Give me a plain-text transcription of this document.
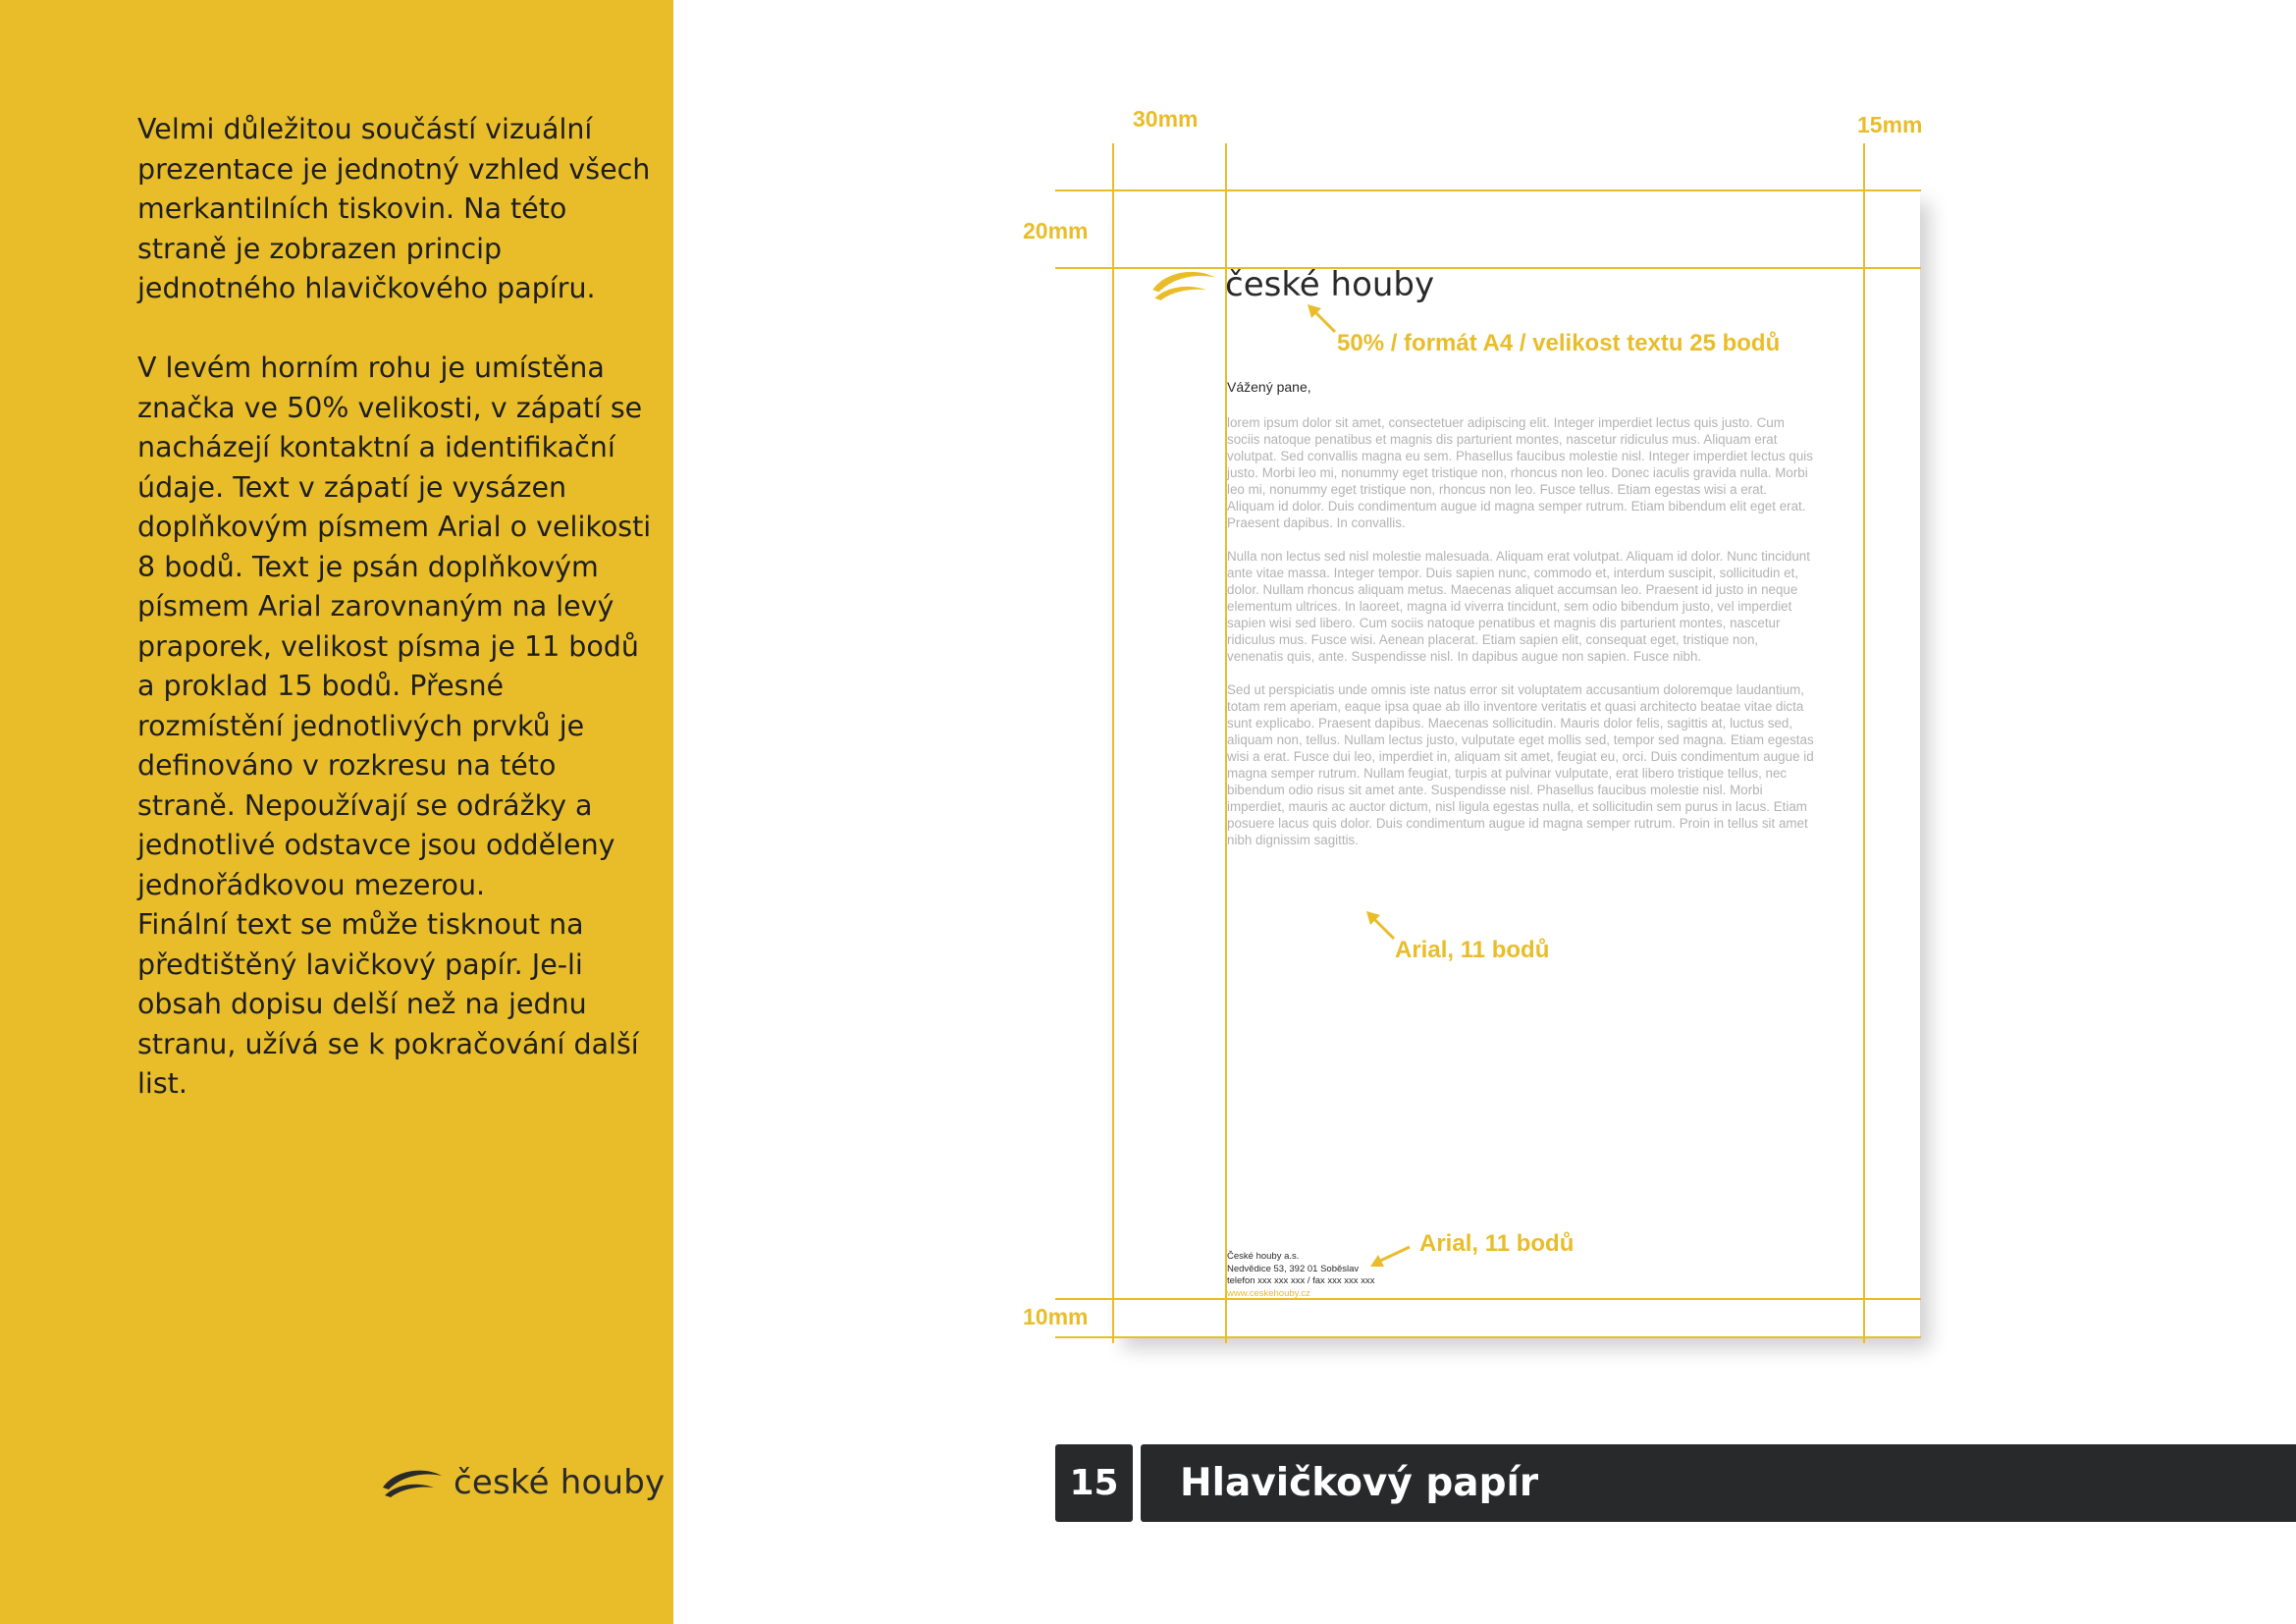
Velmi důležitou součástí vizuální prezentace je jednotný vzhled všech merkantilních tiskovin. Na této straně je zobrazen princip jednotného hlavičkového papíru.

V levém horním rohu je umístěna značka ve 50% velikosti, v zápatí se nacházejí kontaktní a identifikační údaje. Text v zápatí je vysázen doplňkovým písmem Arial o velikosti 8 bodů. Text je psán doplňkovým písmem Arial zarovnaným na levý praporek, velikost písma je 11 bodů a proklad 15 bodů. Přesné rozmístění jednotlivých prvků je definováno v rozkresu na této straně. Nepoužívají se odrážky a jednotlivé odstavce jsou odděleny jednořádkovou mezerou.

Finální text se může tisknout na předtištěný lavičkový papír. Je-li obsah dopisu delší než na jednu stranu, užívá se k pokračování další list.

české houby
30mm	15mm
20mm
10mm
české houby
50% / formát A4 / velikost textu 25 bodů
Vážený pane,

lorem ipsum dolor sit amet, consectetuer adipiscing elit. Integer imperdiet lectus quis justo. Cum sociis natoque penatibus et magnis dis parturient montes, nascetur ridiculus mus. Aliquam erat volutpat. Sed convallis magna eu sem. Phasellus faucibus molestie nisl. Integer imperdiet lectus quis justo. Morbi leo mi, nonummy eget tristique non, rhoncus non leo. Donec iaculis gravida nulla. Morbi leo mi, nonummy eget tristique non, rhoncus non leo. Fusce tellus. Etiam egestas wisi a erat. Aliquam id dolor. Duis condimentum augue id magna semper rutrum. Etiam bibendum elit eget erat. Praesent dapibus. In convallis.

Nulla non lectus sed nisl molestie malesuada. Aliquam erat volutpat. Aliquam id dolor. Nunc tincidunt ante vitae massa. Integer tempor. Duis sapien nunc, commodo et, interdum suscipit, sollicitudin et, dolor. Nullam rhoncus aliquam metus. Maecenas aliquet accumsan leo. Praesent id justo in neque elementum ultrices. In laoreet, magna id viverra tincidunt, sem odio bibendum justo, vel imperdiet sapien wisi sed libero. Cum sociis natoque penatibus et magnis dis parturient montes, nascetur ridiculus mus. Fusce wisi. Aenean placerat. Etiam sapien elit, consequat eget, tristique non, venenatis quis, ante. Suspendisse nisl. In dapibus augue non sapien. Fusce nibh.

Sed ut perspiciatis unde omnis iste natus error sit voluptatem accusantium doloremque laudantium, totam rem aperiam, eaque ipsa quae ab illo inventore veritatis et quasi architecto beatae vitae dicta sunt explicabo. Praesent dapibus. Maecenas sollicitudin. Mauris dolor felis, sagittis at, luctus sed, aliquam non, tellus. Nullam lectus justo, vulputate eget mollis sed, tempor sed magna. Etiam egestas wisi a erat. Fusce dui leo, imperdiet in, aliquam sit amet, feugiat eu, orci. Duis condimentum augue id magna semper rutrum. Nullam feugiat, turpis at pulvinar vulputate, erat libero tristique tellus, nec bibendum odio risus sit amet ante. Suspendisse nisl. Phasellus faucibus molestie nisl. Morbi imperdiet, mauris ac auctor dictum, nisl ligula egestas nulla, et sollicitudin sem purus in lacus. Etiam posuere lacus quis dolor. Duis condimentum augue id magna semper rutrum. Proin in tellus sit amet nibh dignissim sagittis.

Arial, 11 bodů
České houby a.s.
Nedvědice 53, 392 01 Soběslav
telefon xxx xxx xxx / fax xxx xxx xxx
www.ceskehouby.cz
Arial, 11 bodů
15	Hlavičkový papír
